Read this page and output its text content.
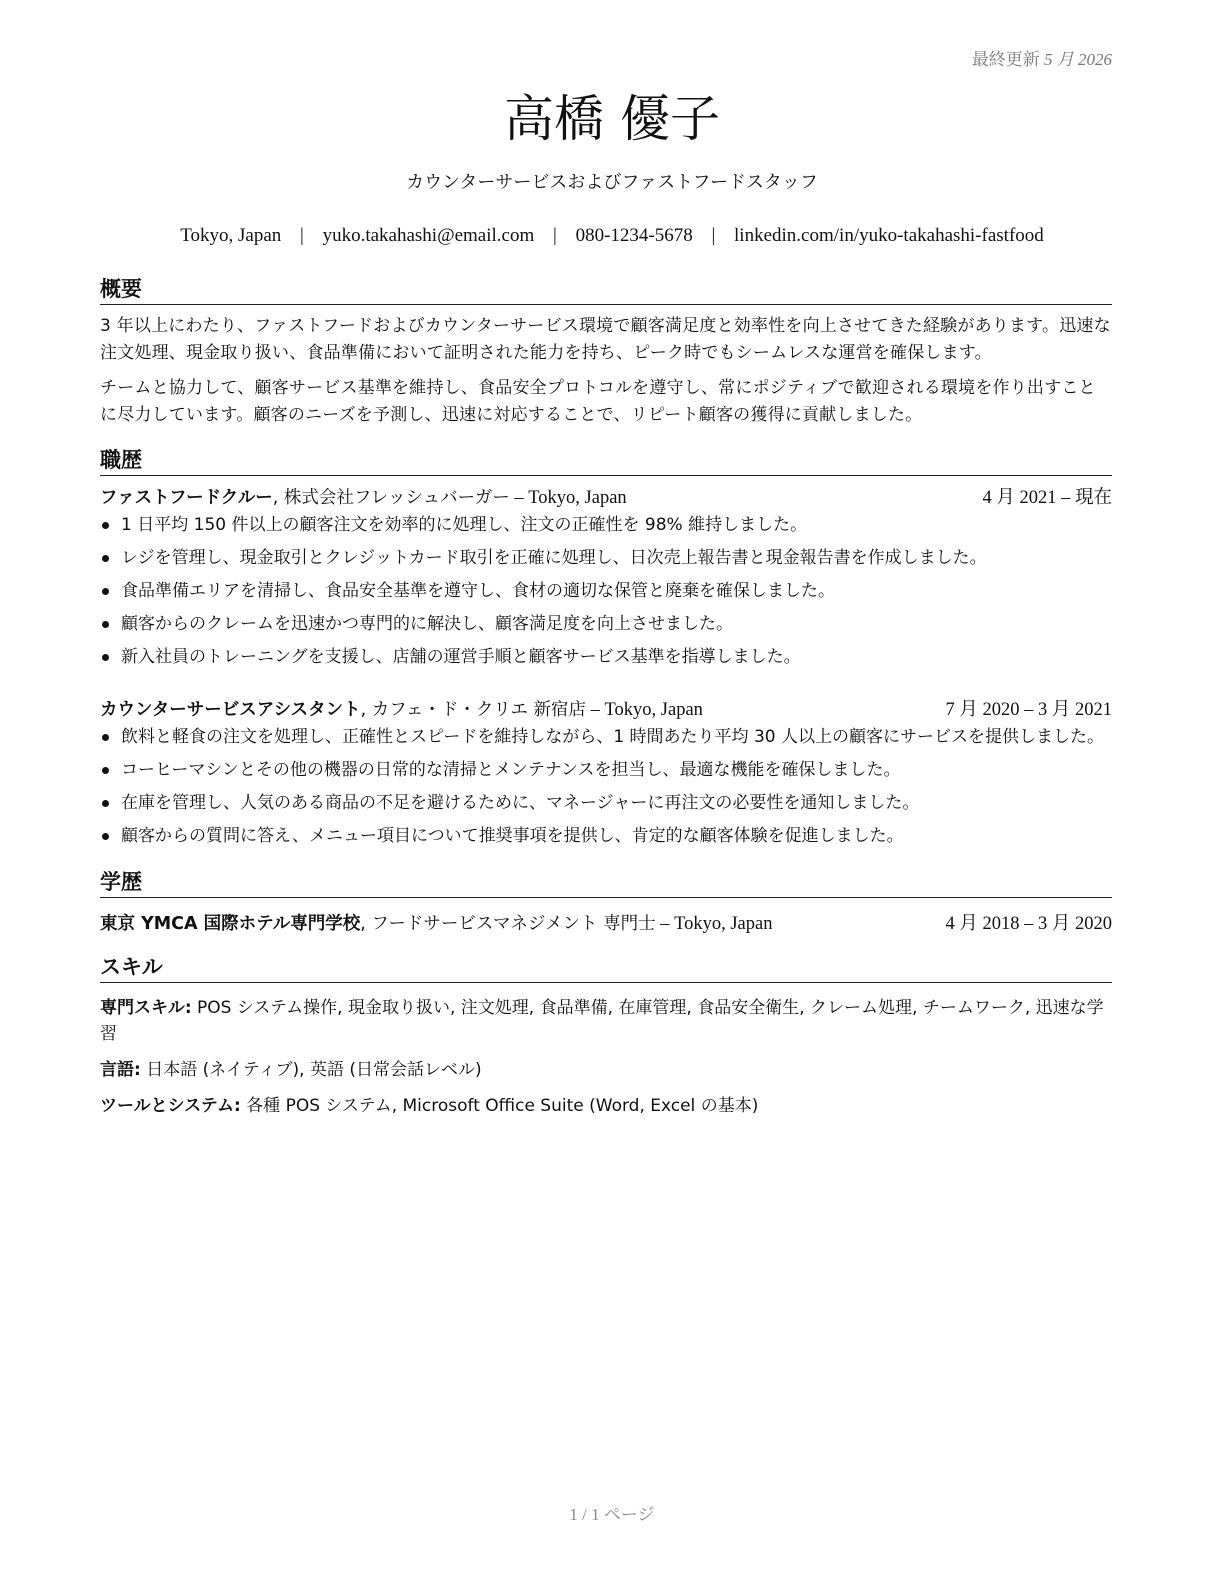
最終更新 5 月 2026
高橋 優子
カウンターサービスおよびファストフードスタッフ
Tokyo, Japan | yuko.takahashi@email.com | 080-1234-5678 | linkedin.com/in/yuko-takahashi-fastfood
概要

3 年以上にわたり、ファストフードおよびカウンターサービス環境で顧客満足度と効率性を向上させてきた経験があります。迅速な注文処理、現金取り扱い、食品準備において証明された能力を持ち、ピーク時でもシームレスな運営を確保します。

チームと協力して、顧客サービス基準を維持し、食品安全プロトコルを遵守し、常にポジティブで歓迎される環境を作り出すことに尽力しています。顧客のニーズを予測し、迅速に対応することで、リピート顧客の獲得に貢献しました。

職歴
ファストフードクルー, 株式会社フレッシュバーガー – Tokyo, Japan	4 月 2021 – 現在
1 日平均 150 件以上の顧客注文を効率的に処理し、注文の正確性を 98% 維持しました。
レジを管理し、現金取引とクレジットカード取引を正確に処理し、日次売上報告書と現金報告書を作成しました。
食品準備エリアを清掃し、食品安全基準を遵守し、食材の適切な保管と廃棄を確保しました。
顧客からのクレームを迅速かつ専門的に解決し、顧客満足度を向上させました。
新入社員のトレーニングを支援し、店舗の運営手順と顧客サービス基準を指導しました。
カウンターサービスアシスタント, カフェ・ド・クリエ 新宿店 – Tokyo, Japan	7 月 2020 – 3 月 2021
飲料と軽食の注文を処理し、正確性とスピードを維持しながら、1 時間あたり平均 30 人以上の顧客にサービスを提供しました。
コーヒーマシンとその他の機器の日常的な清掃とメンテナンスを担当し、最適な機能を確保しました。
在庫を管理し、人気のある商品の不足を避けるために、マネージャーに再注文の必要性を通知しました。
顧客からの質問に答え、メニュー項目について推奨事項を提供し、肯定的な顧客体験を促進しました。
学歴
東京 YMCA 国際ホテル専門学校, フードサービスマネジメント 専門士 – Tokyo, Japan	4 月 2018 – 3 月 2020
スキル
専門スキル: POS システム操作, 現金取り扱い, 注文処理, 食品準備, 在庫管理, 食品安全衛生, クレーム処理, チームワーク, 迅速な学習
言語: 日本語 (ネイティブ), 英語 (日常会話レベル)
ツールとシステム: 各種 POS システム, Microsoft Office Suite (Word, Excel の基本)
1 / 1 ページ
